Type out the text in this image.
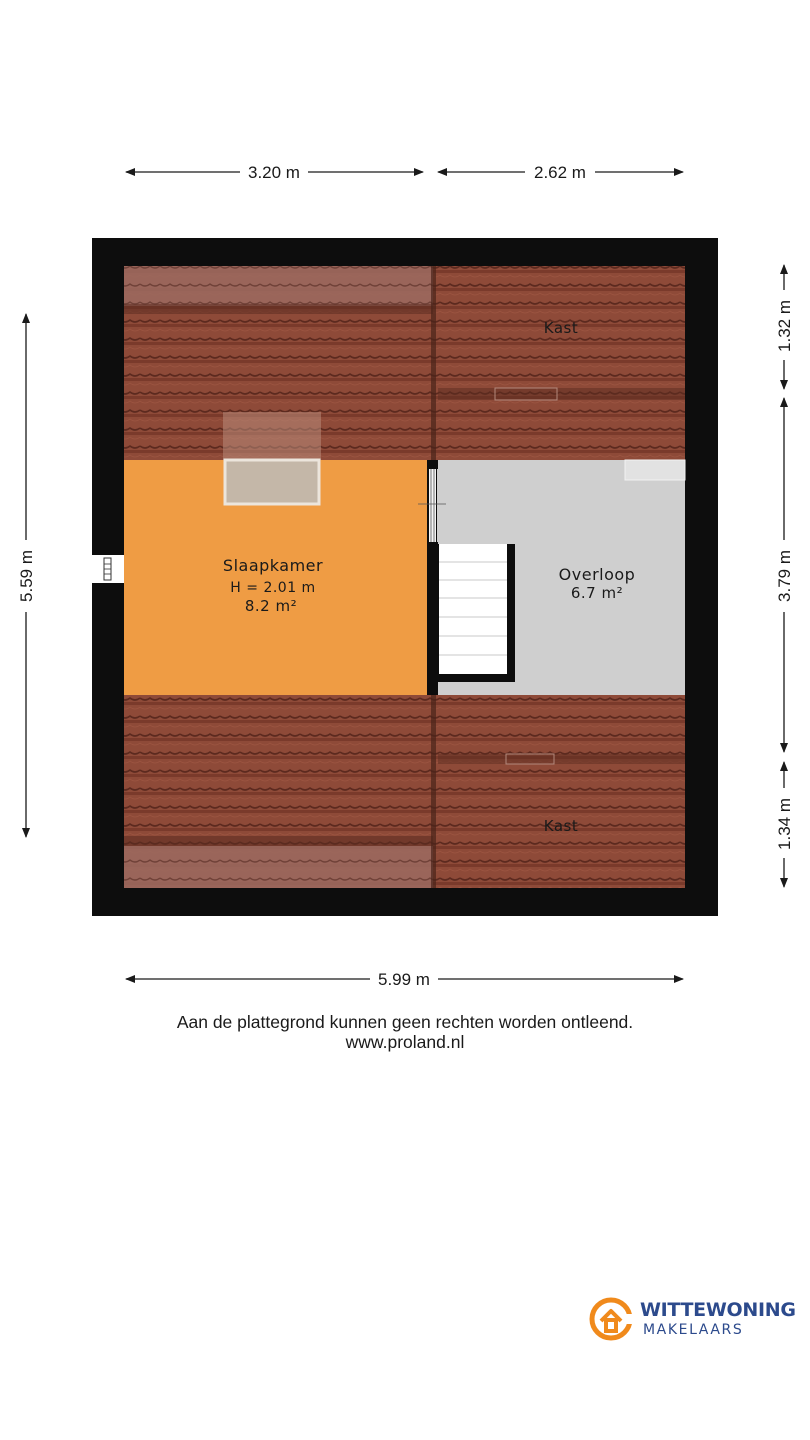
3.20 m	2.62 m
5.59 m
1.32 m
3.79 m
1.34 m
5.99 m
Slaapkamer
H = 2.01 m
8.2 m²
Overloop
6.7 m²
Kast
Kast
Aan de plattegrond kunnen geen rechten worden ontleend.
www.proland.nl
WITTEWONING
MAKELAARS
